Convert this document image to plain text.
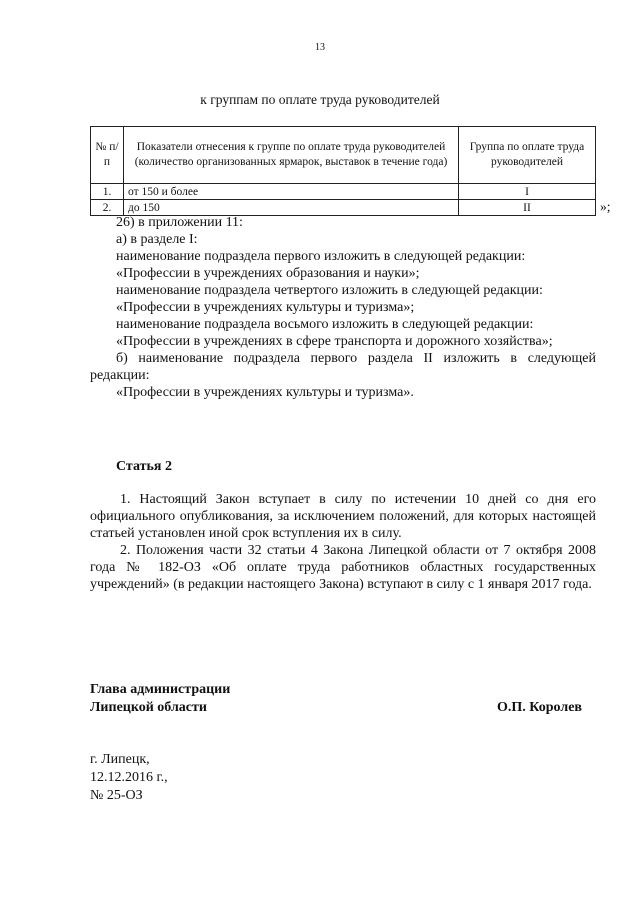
13
к группам по оплате труда руководителей
№ п/п	Показатели отнесения к группе по оплате труда руководителей (количество организованных ярмарок, выставок в течение года)	Группа по оплате труда руководителей
1.	от 150 и более	I
2.	до 150	II	»;

26) в приложении 11:

а) в разделе I:

наименование подраздела первого изложить в следующей редакции:

«Профессии в учреждениях образования и науки»;

наименование подраздела четвертого изложить в следующей редакции:

«Профессии в учреждениях культуры и туризма»;

наименование подраздела восьмого изложить в следующей редакции:

«Профессии в учреждениях в сфере транспорта и дорожного хозяйства»;

б) наименование подраздела первого раздела II изложить в следующей редакции:

«Профессии в учреждениях культуры и туризма».

Статья 2

1. Настоящий Закон вступает в силу по истечении 10 дней со дня его официального опубликования, за исключением положений, для которых настоящей статьей установлен иной срок вступления их в силу.

2. Положения части 32 статьи 4 Закона Липецкой области от 7 октября 2008 года № 182-ОЗ «Об оплате труда работников областных государственных учреждений» (в редакции настоящего Закона) вступают в силу с 1 января 2017 года.

Глава администрации
Липецкой области	О.П. Королев
г. Липецк,
12.12.2016 г.,
№ 25-ОЗ
